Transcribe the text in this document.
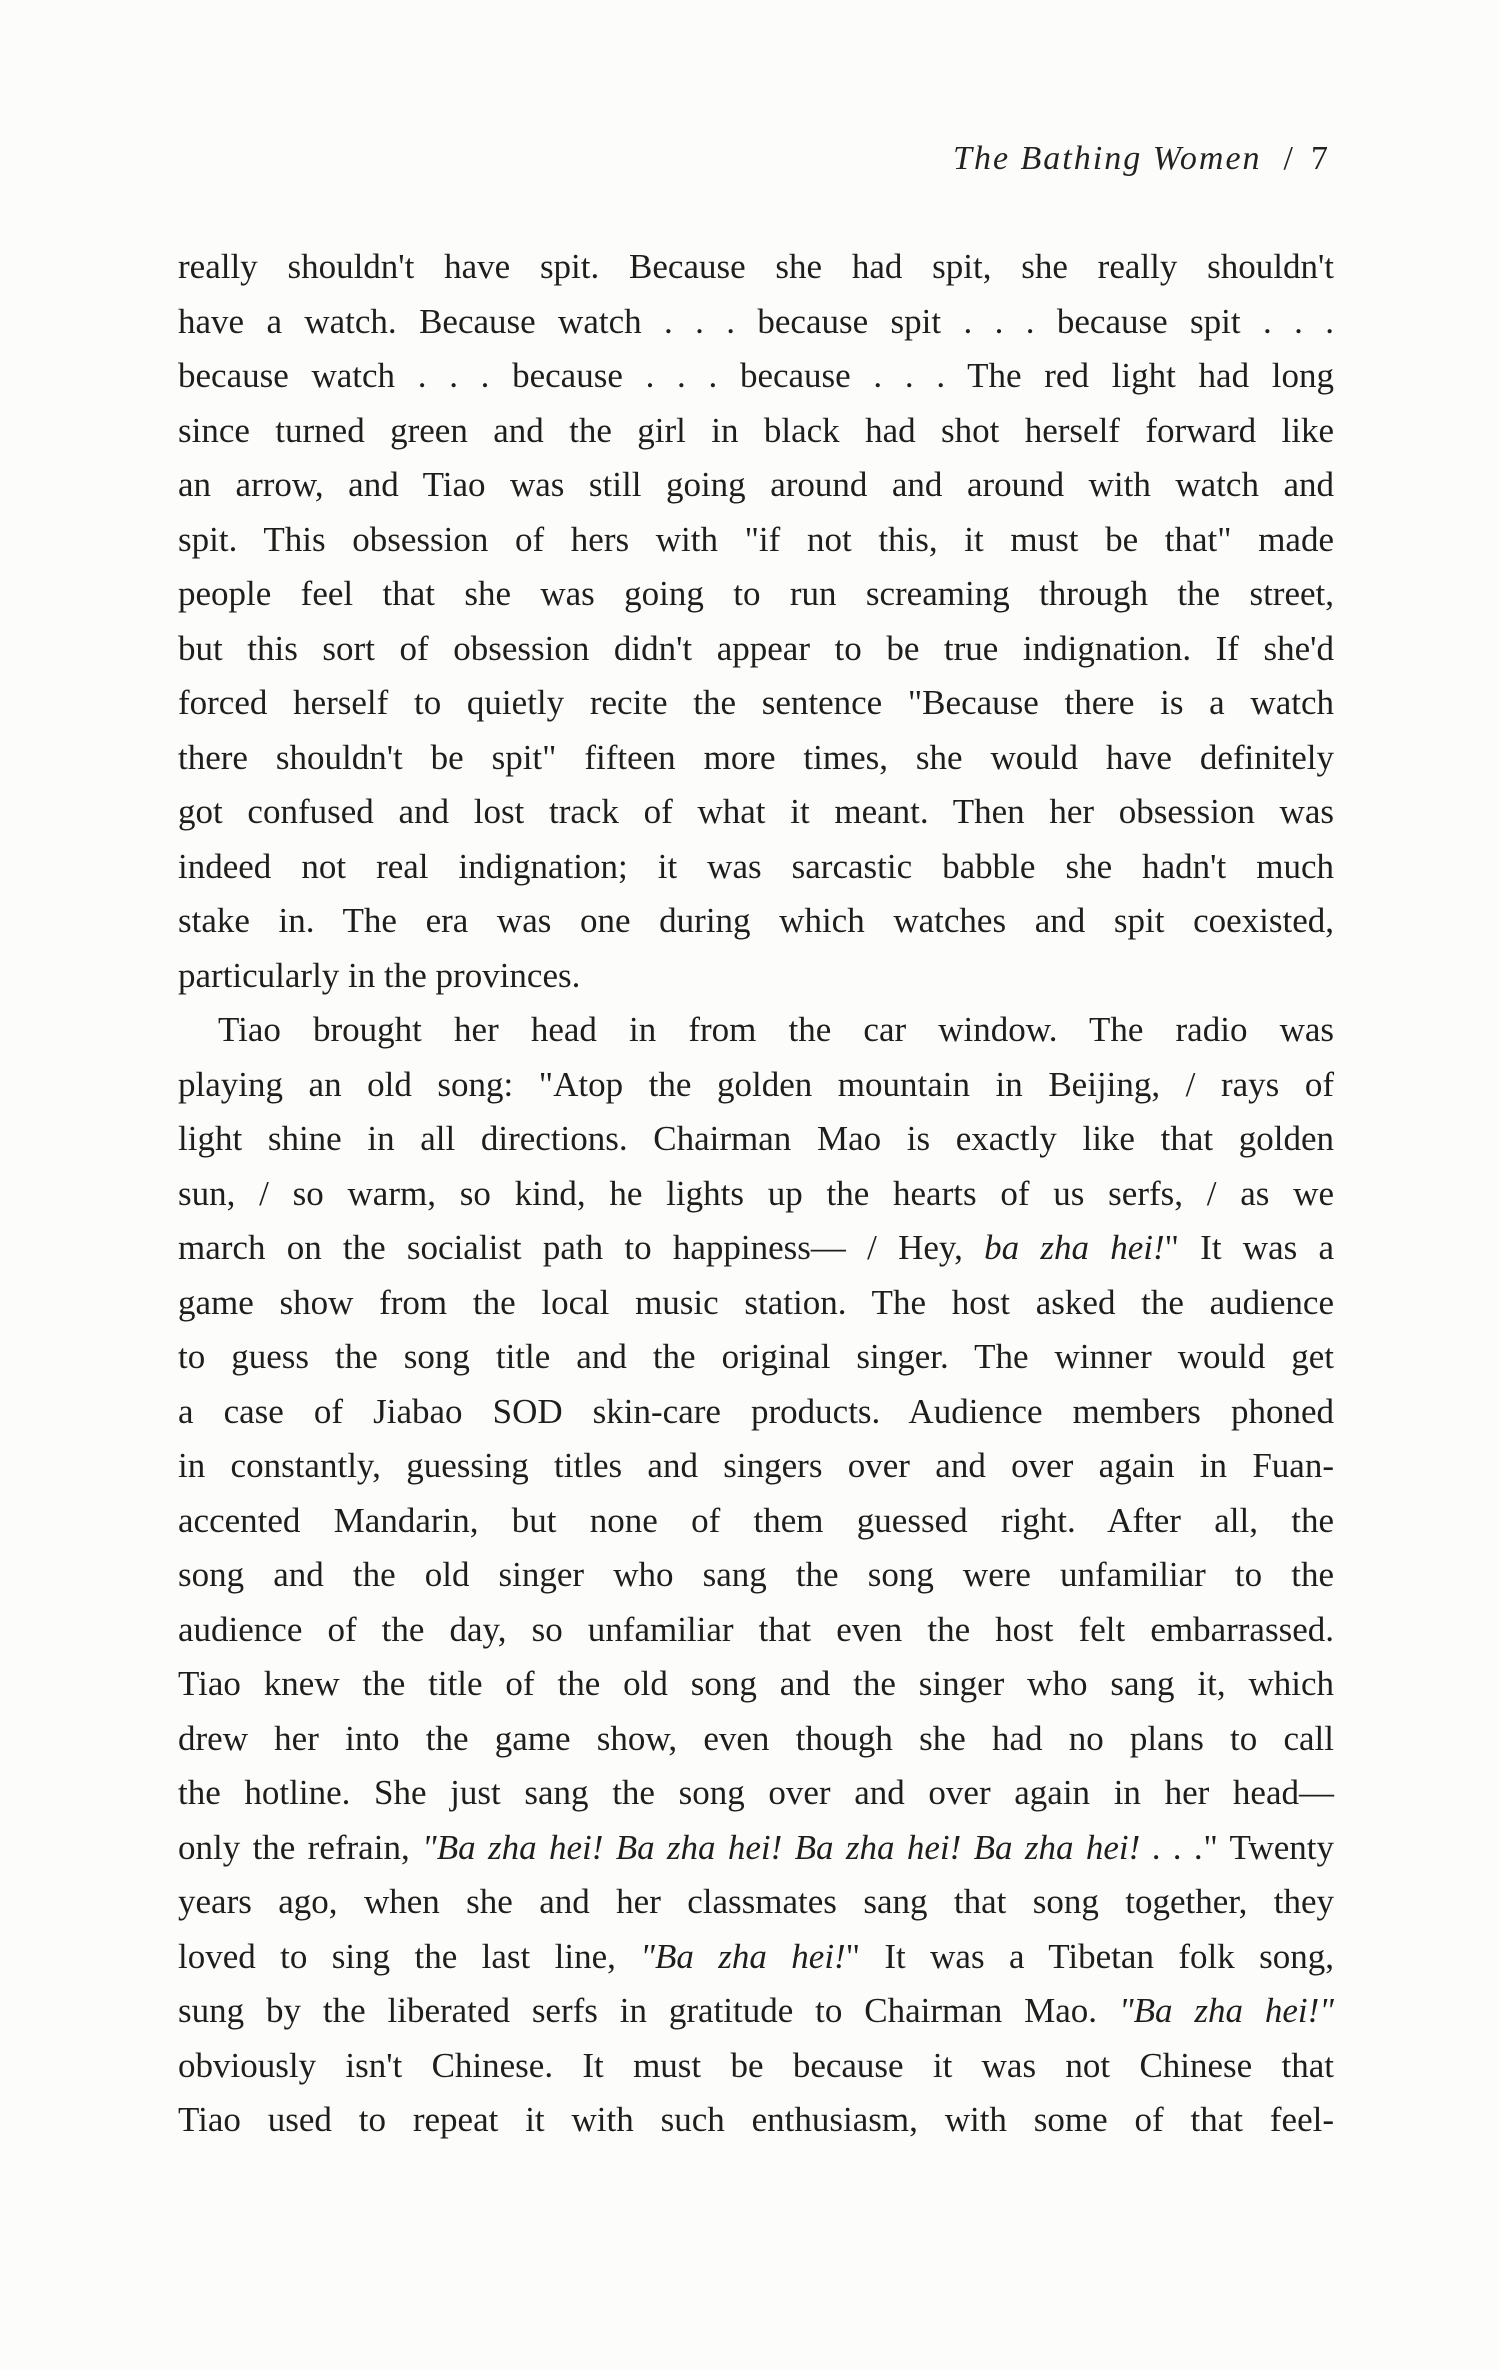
The Bathing Women / 7
really shouldn't have spit. Because she had spit, she really shouldn't
have a watch. Because watch . . . because spit . . . because spit . . .
because watch . . . because . . . because . . . The red light had long
since turned green and the girl in black had shot herself forward like
an arrow, and Tiao was still going around and around with watch and
spit. This obsession of hers with "if not this, it must be that" made
people feel that she was going to run screaming through the street,
but this sort of obsession didn't appear to be true indignation. If she'd
forced herself to quietly recite the sentence "Because there is a watch
there shouldn't be spit" fifteen more times, she would have definitely
got confused and lost track of what it meant. Then her obsession was
indeed not real indignation; it was sarcastic babble she hadn't much
stake in. The era was one during which watches and spit coexisted,
particularly in the provinces.
Tiao brought her head in from the car window. The radio was
playing an old song: "Atop the golden mountain in Beijing, / rays of
light shine in all directions. Chairman Mao is exactly like that golden
sun, / so warm, so kind, he lights up the hearts of us serfs, / as we
march on the socialist path to happiness— / Hey, ba zha hei!" It was a
game show from the local music station. The host asked the audience
to guess the song title and the original singer. The winner would get
a case of Jiabao SOD skin-care products. Audience members phoned
in constantly, guessing titles and singers over and over again in Fuan-
accented Mandarin, but none of them guessed right. After all, the
song and the old singer who sang the song were unfamiliar to the
audience of the day, so unfamiliar that even the host felt embarrassed.
Tiao knew the title of the old song and the singer who sang it, which
drew her into the game show, even though she had no plans to call
the hotline. She just sang the song over and over again in her head—
only the refrain, "Ba zha hei! Ba zha hei! Ba zha hei! Ba zha hei! . . ." Twenty
years ago, when she and her classmates sang that song together, they
loved to sing the last line, "Ba zha hei!" It was a Tibetan folk song,
sung by the liberated serfs in gratitude to Chairman Mao. "Ba zha hei!"
obviously isn't Chinese. It must be because it was not Chinese that
Tiao used to repeat it with such enthusiasm, with some of that feel-
